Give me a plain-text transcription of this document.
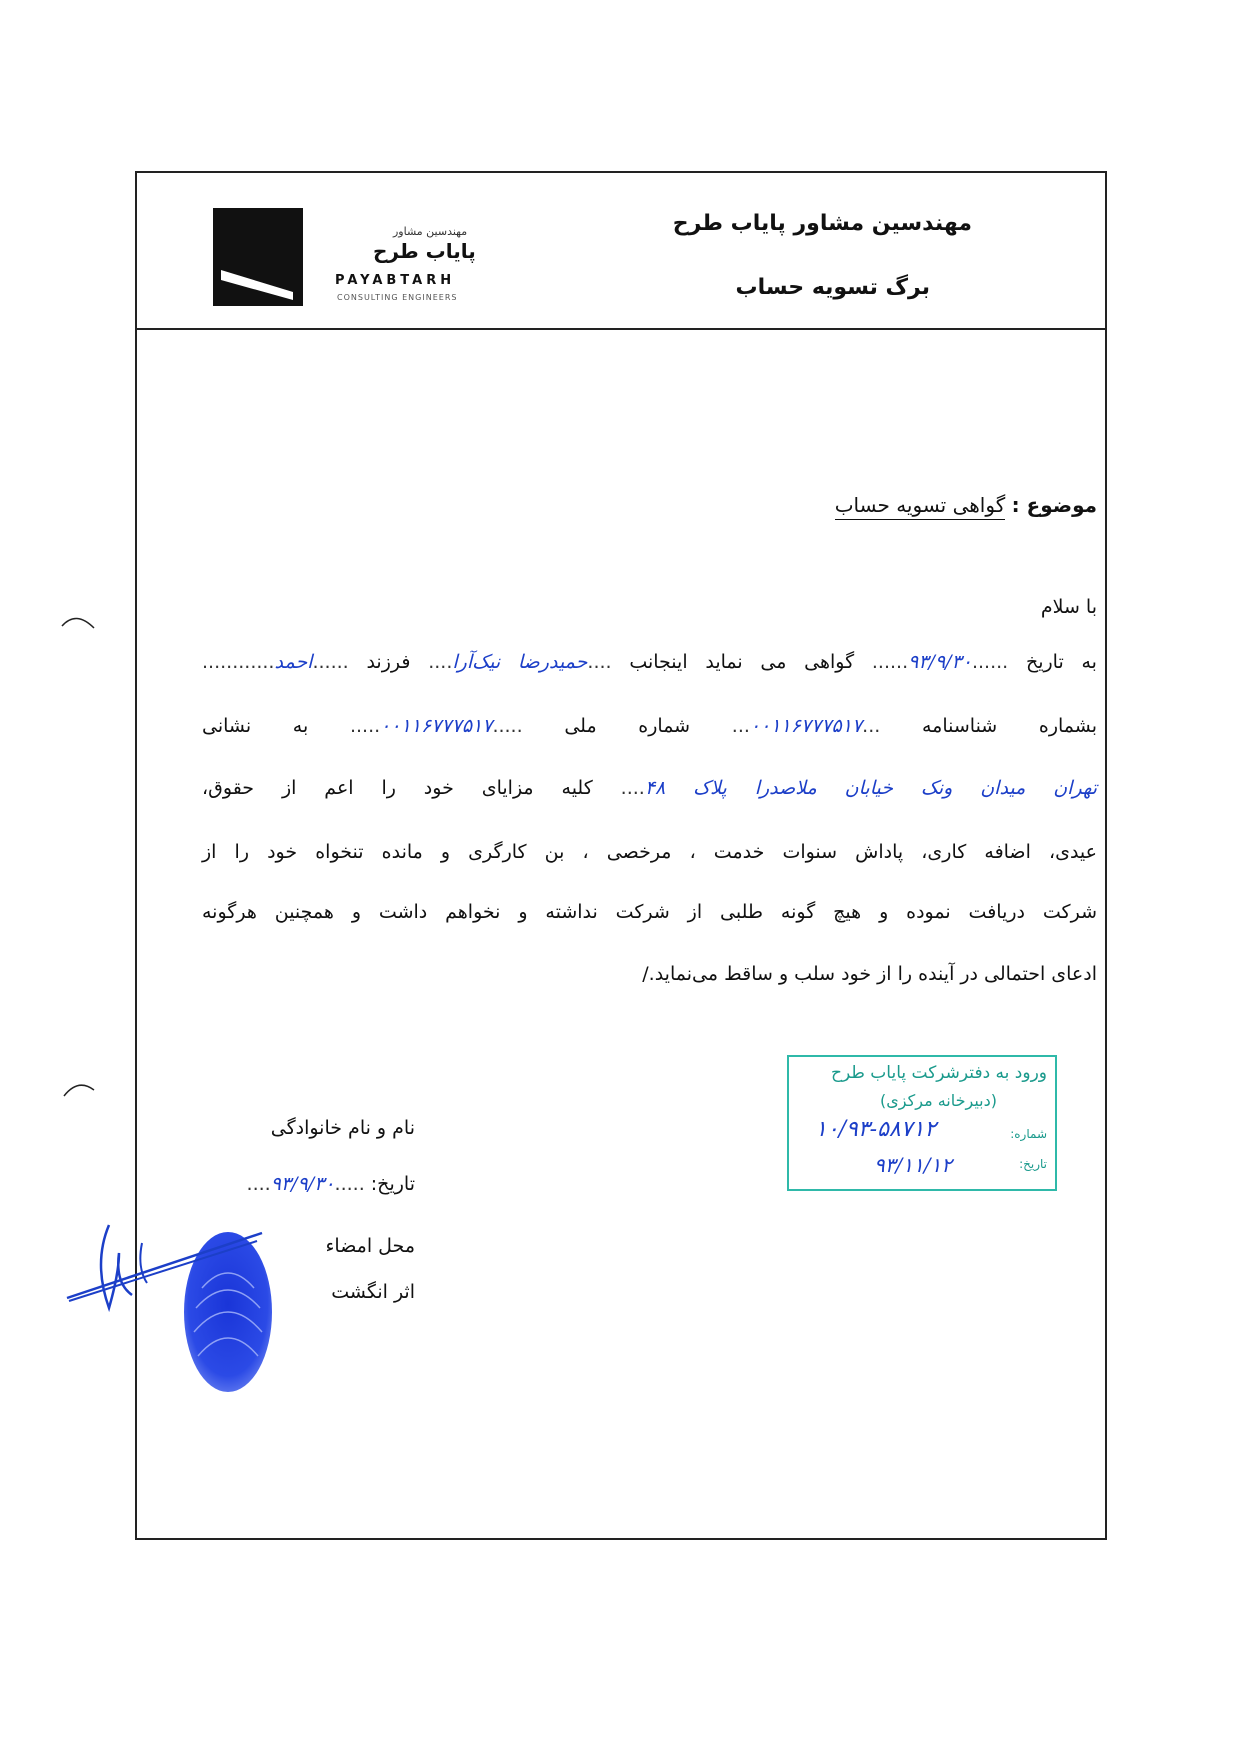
مهندسین مشاور
پایاب طرح
PAYABTARH
CONSULTING ENGINEERS
مهندسین مشاور پایاب طرح
برگ تسویه حساب
موضوع : گواهی تسویه حساب
با سلام
به تاریخ ......۹۳/۹/۳۰...... گواهی می نماید اینجانب ....حمیدرضا نیک‌آرا.... فرزند ......احمد............
بشماره شناسنامه ...۰۰۱۱۶۷۷۷۵۱۷... شماره ملی .....۰۰۱۱۶۷۷۷۵۱۷..... به نشانی
تهران میدان ونک خیابان ملاصدرا پلاک ۴۸.... کلیه مزایای خود را اعم از حقوق،
عیدی، اضافه کاری، پاداش سنوات خدمت ، مرخصی ، بن کارگری و مانده تنخواه خود را از
شرکت دریافت نموده و هیچ گونه طلبی از شرکت نداشته و نخواهم داشت و همچنین هرگونه
ادعای احتمالی در آینده را از خود سلب و ساقط می‌نماید./
نام و نام خانوادگی
تاریخ: .....۹۳/۹/۳۰....
محل امضاء
اثر انگشت
ورود به دفترشرکت پایاب طرح
(دبیرخانه مرکزی)
شماره:
۱۰/۹۳-۵۸۷۱۲
تاریخ:
۹۳/۱۱/۱۲
